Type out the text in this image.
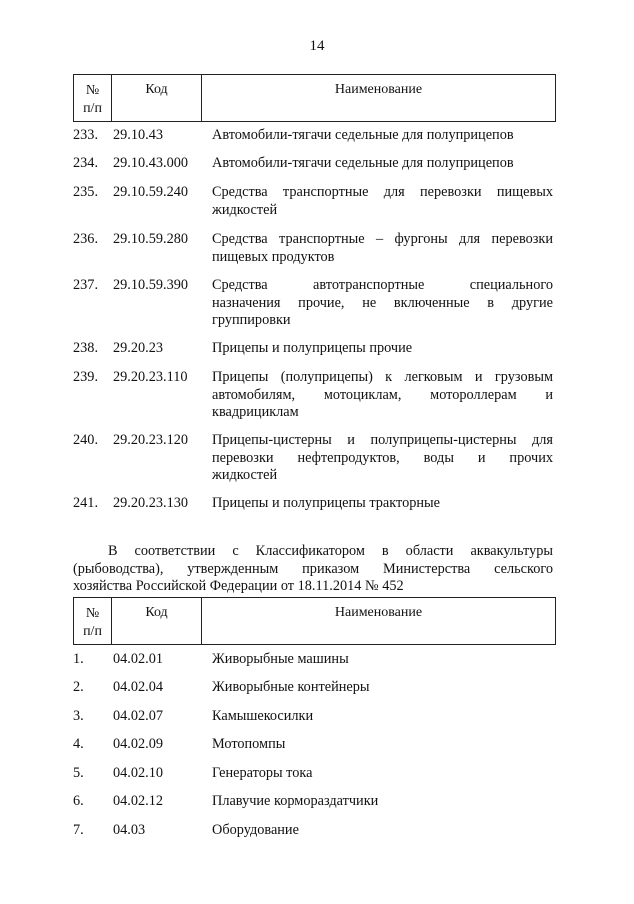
14
№
п/п
Код	Наименование
233. 29.10.43	Автомобили-тягачи седельные для полуприцепов
234. 29.10.43.000 Автомобили-тягачи седельные для полуприцепов
235. 29.10.59.240 Средства транспортные для перевозки пищевых
жидкостей
236. 29.10.59.280 Средства транспортные – фургоны для перевозки
пищевых продуктов
237. 29.10.59.390 Средства автотранспортные специального
назначения прочие, не включенные в другие
группировки
238. 29.20.23	Прицепы и полуприцепы прочие
239. 29.20.23.110 Прицепы (полуприцепы) к легковым и грузовым
автомобилям, мотоциклам, мотороллерам и
квадрициклам
240. 29.20.23.120 Прицепы-цистерны и полуприцепы-цистерны для
перевозки нефтепродуктов, воды и прочих
жидкостей
241. 29.20.23.130 Прицепы и полуприцепы тракторные
В соответствии с Классификатором в области аквакультуры
(рыбоводства), утвержденным приказом Министерства сельского
хозяйства Российской Федерации от 18.11.2014 № 452
№
п/п
Код	Наименование
1. 04.02.01	Живорыбные машины
2. 04.02.04	Живорыбные контейнеры
3. 04.02.07	Камышекосилки
4. 04.02.09	Мотопомпы
5. 04.02.10	Генераторы тока
6. 04.02.12	Плавучие кормораздатчики
7. 04.03	Оборудование
